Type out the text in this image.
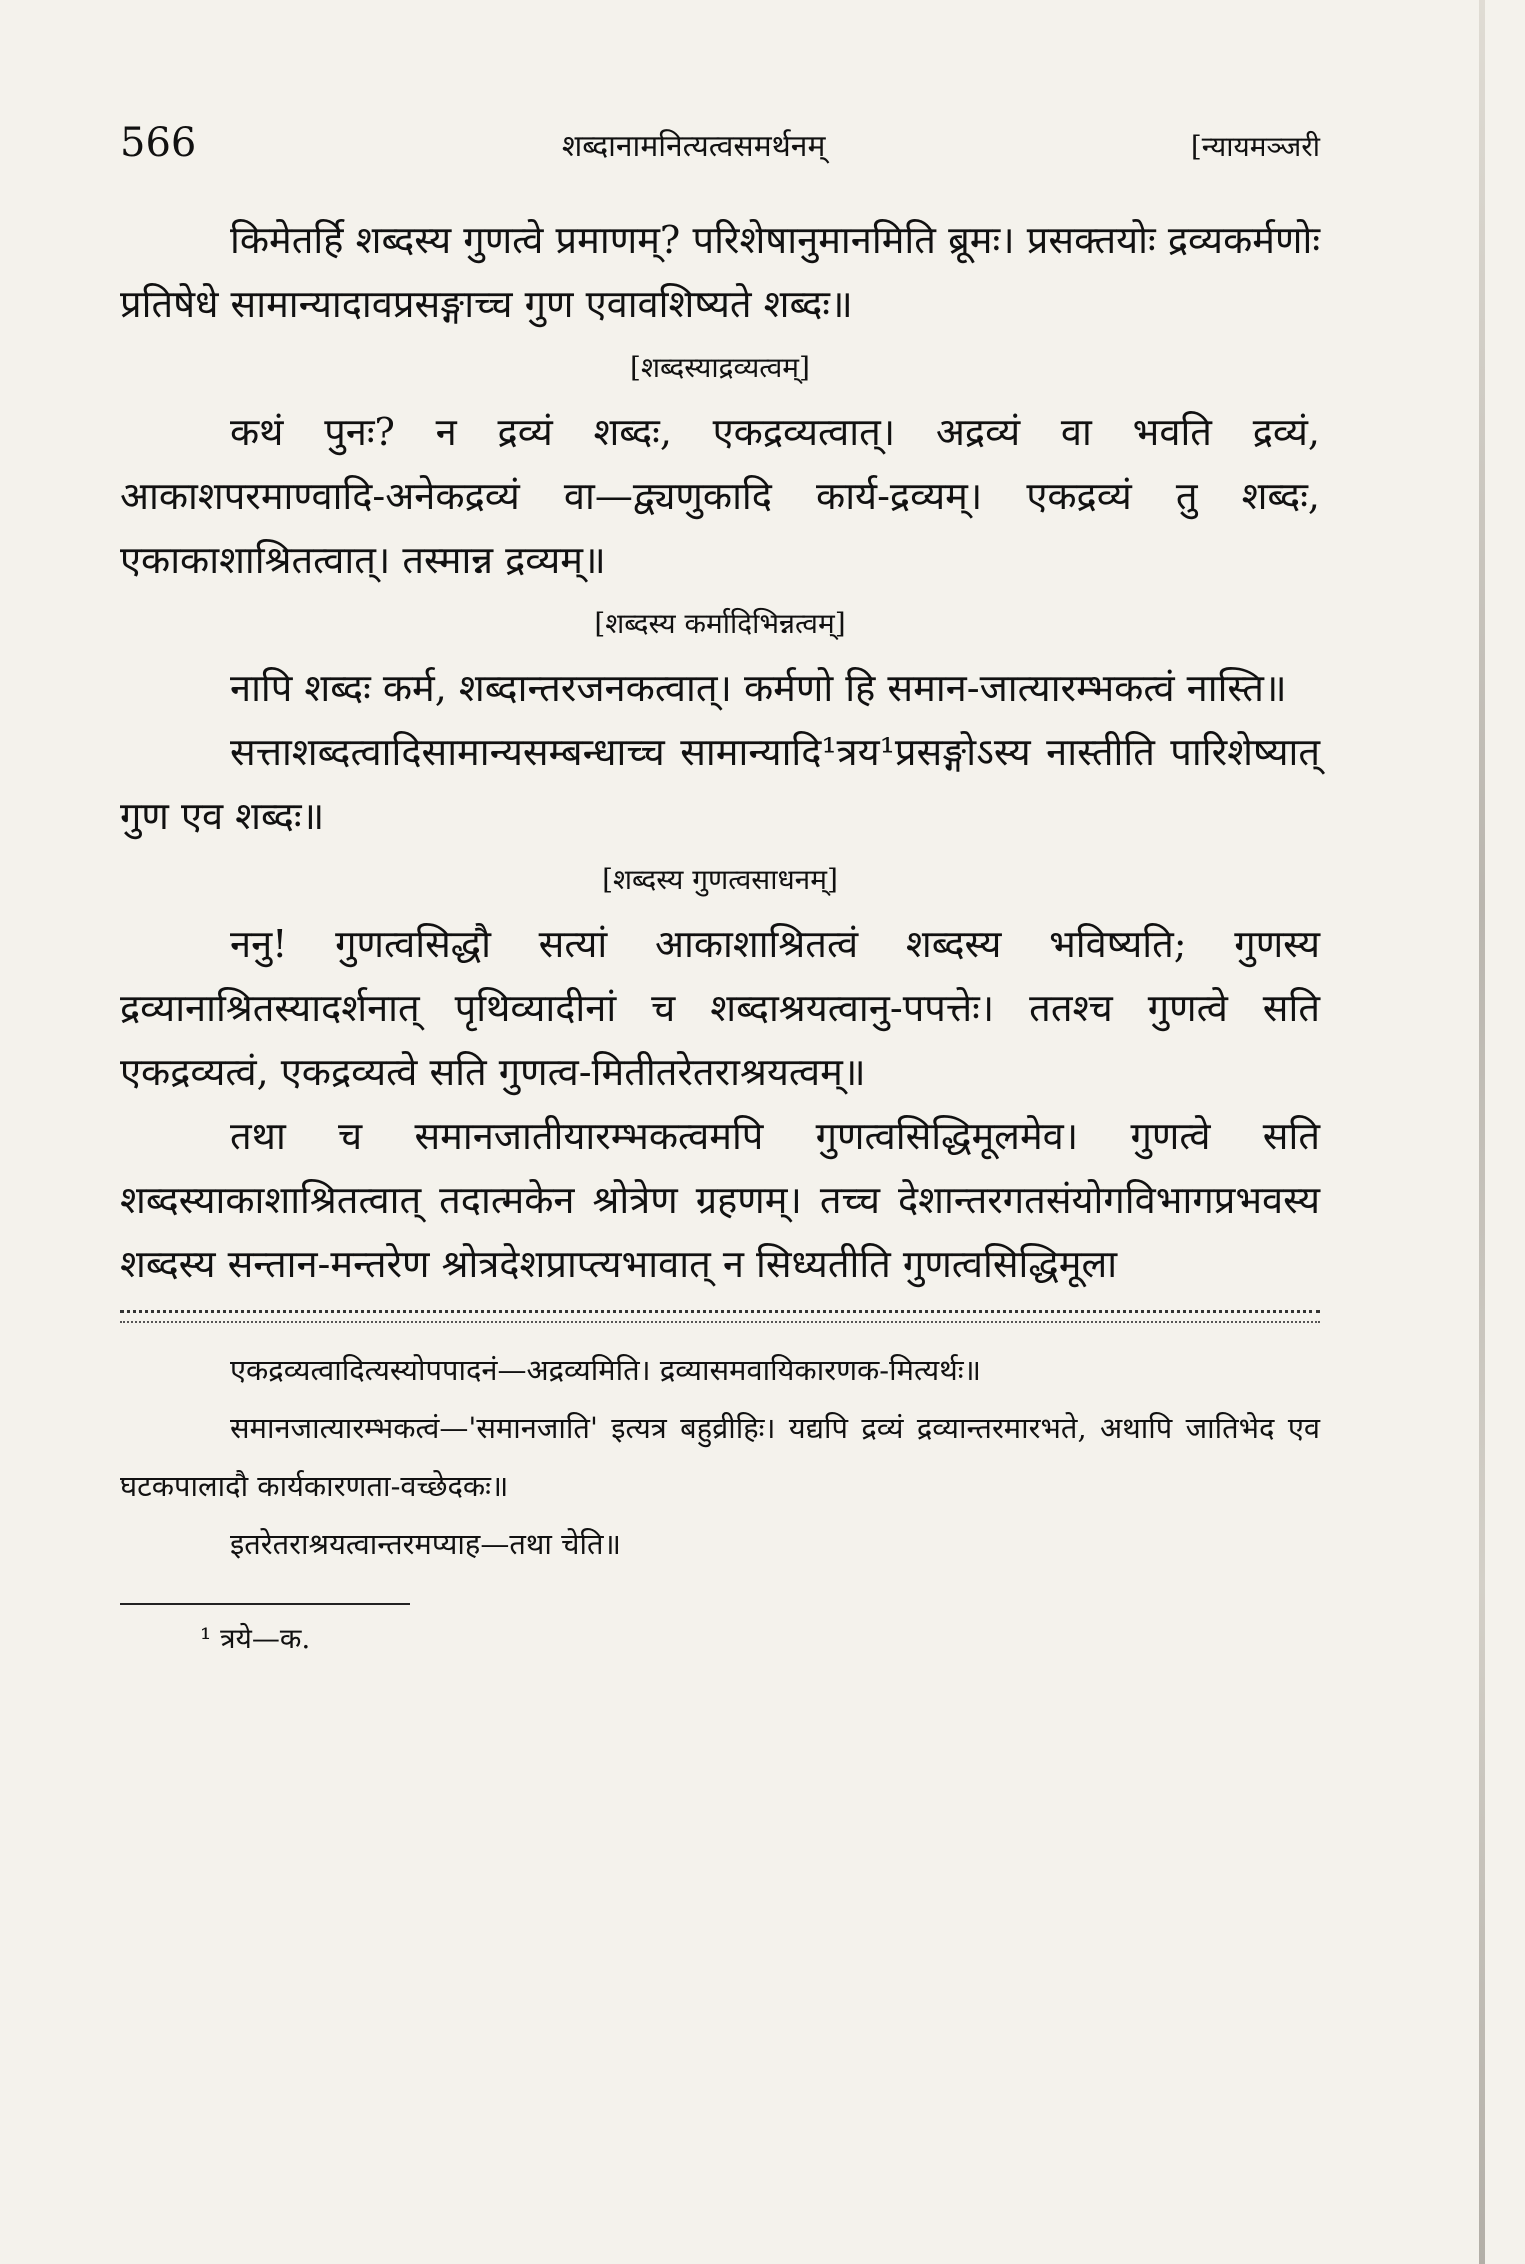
566	शब्दानामनित्यत्वसमर्थनम्	[न्यायमञ्जरी

किमेतर्हि शब्दस्य गुणत्वे प्रमाणम्? परिशेषानुमानमिति ब्रूमः। प्रसक्तयोः द्रव्यकर्मणोः प्रतिषेधे सामान्यादावप्रसङ्गाच्च गुण एवावशिष्यते शब्दः॥

[शब्दस्याद्रव्यत्वम्]

कथं पुनः? न द्रव्यं शब्दः, एकद्रव्यत्वात्। अद्रव्यं वा भवति द्रव्यं, आकाशपरमाण्वादि-अनेकद्रव्यं वा—द्व्यणुकादि कार्य-द्रव्यम्। एकद्रव्यं तु शब्दः, एकाकाशाश्रितत्वात्। तस्मान्न द्रव्यम्॥

[शब्दस्य कर्मादिभिन्नत्वम्]

नापि शब्दः कर्म, शब्दान्तरजनकत्वात्। कर्मणो हि समान-जात्यारम्भकत्वं नास्ति॥

सत्ताशब्दत्वादिसामान्यसम्बन्धाच्च सामान्यादि¹त्रय¹प्रसङ्गोऽस्य नास्तीति पारिशेष्यात् गुण एव शब्दः॥

[शब्दस्य गुणत्वसाधनम्]

ननु! गुणत्वसिद्धौ सत्यां आकाशाश्रितत्वं शब्दस्य भविष्यति; गुणस्य द्रव्यानाश्रितस्यादर्शनात् पृथिव्यादीनां च शब्दाश्रयत्वानु-पपत्तेः। ततश्च गुणत्वे सति एकद्रव्यत्वं, एकद्रव्यत्वे सति गुणत्व-मितीतरेतराश्रयत्वम्॥

तथा च समानजातीयारम्भकत्वमपि गुणत्वसिद्धिमूलमेव। गुणत्वे सति शब्दस्याकाशाश्रितत्वात् तदात्मकेन श्रोत्रेण ग्रहणम्। तच्च देशान्तरगतसंयोगविभागप्रभवस्य शब्दस्य सन्तान-मन्तरेण श्रोत्रदेशप्राप्त्यभावात् न सिध्यतीति गुणत्वसिद्धिमूला

एकद्रव्यत्वादित्यस्योपपादनं—अद्रव्यमिति। द्रव्यासमवायिकारणक-मित्यर्थः॥

समानजात्यारम्भकत्वं—'समानजाति' इत्यत्र बहुव्रीहिः। यद्यपि द्रव्यं द्रव्यान्तरमारभते, अथापि जातिभेद एव घटकपालादौ कार्यकारणता-वच्छेदकः॥

इतरेतराश्रयत्वान्तरमप्याह—तथा चेति॥

¹ त्रये—क.
